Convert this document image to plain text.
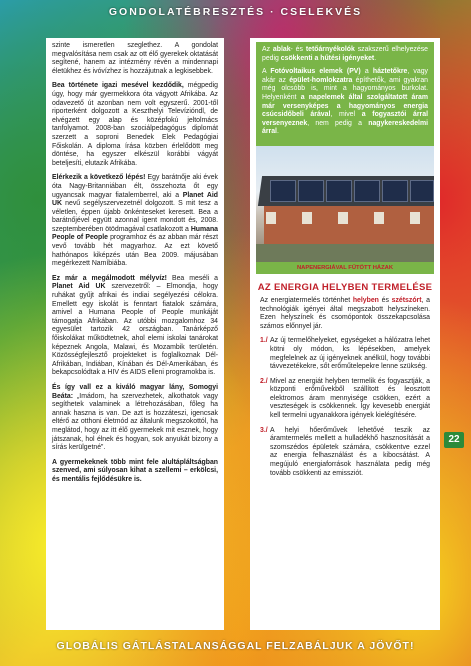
GONDOLATÉBRESZTÉS · CSELEKVÉS

szinte ismeretlen szeglethez. A gondolat megvalósítása nem csak az ott élő gyerekek oktatását segítené, hanem az intézmény révén a mindennapi életükhez és ivóvízhez is hozzájutnak a legkisebbek.

Bea története igazi mesével kezdődik, mégpedig úgy, hogy már gyermekkora óta vágyott Afrikába. Az odavezető út azonban nem volt egyszerű. 2001-től riporterként dolgozott a Keszthelyi Televízióndl, de elvégzett egy alap és középfokú jeltolmács tanfolyamot. 2008-ban szociálpedagógus diplomát szerzett a soproni Benedek Elek Pedagógiai Főiskolán. A diploma írása közben érlelődött meg döntése, ha egyszer elkészül korábbi vágyát beteljesíti, elutazik Afrikába.

Elérkezik a következő lépés! Egy barátnője aki évek óta Nagy-Britanniában élt, összehozta őt egy ugyancsak magyar fiatalemberrel, aki a Planet Aid UK nevű segélyszervezetnél dolgozott. S mit tesz a véletlen, éppen újabb önkénteseket keresett. Bea a barátnőjével együtt azonnal igent mondott és, 2008. szeptemberében ötödmagával csatlakozott a Humana People of People programhoz és az abban már részt vevő tovább hét magyarhoz. Az ezt követő hathónapos kiképzés után Bea 2009. májusában megérkezett Namíbiába.

Ez már a megálmodott mélyvíz! Bea meséli a Planet Aid UK szervezetről: – Elmondja, hogy ruhákat gyűjt afrikai és indiai segélyezési célokra. Emellett egy iskolát is fenntart fiatalok számára, amivel a Humana People of People munkáját támogatja Afrikában. Az utóbbi mozgalomhoz 34 egyesület tartozik 42 országban. Tanárképző főiskolákat működtetnek, ahol elemi iskolai tanárokat képeznek Angola, Malawi, és Mozambik területén. Közösségfejlesztő projekteket is foglalkoznak Dél-Afrikában, Indiában, Kínában és Dél-Amerikában, és bekapcsolódtak a HIV és AIDS elleni programokba is.

És így vall ez a kiváló magyar lány, Somogyi Beáta: „Imádom, ha szervezhetek, alkothatok vagy segíthetek valaminek a létrehozásában, főleg ha annak haszna is van. De azt is hozzáteszi, igencsak eltérő az otthoni életmód az általunk megszokottól, ha meglátod, hogy az itt élő gyermekek mit esznek, hogy játszanak, hol élnek és hogyan, sok anyukát bizony a sírás kerülgetné”.

A gyermekeknek több mint fele alultápláltságban szenved, ami súlyosan kihat a szellemi – erkölcsi, és mentális fejlődésükre is.

Az ablak- és tetőárnyékolók szakszerű elhelyezése pedig csökkenti a hűtési igényeket.

A Fotóvoltaikus elemek (PV) a háztetőkre, vagy akár az épület-homlokzatra építhetők, ami gyakran még olcsóbb is, mint a hagyományos burkolat. Helyenként a napelemek által szolgáltatott áram már versenyképes a hagyományos energia csúcsidőbeli árával, mivel a fogyasztói árral versenyeznek, nem pedig a nagykereskedelmi árral.

NAPENERGIÁVAL FŰTÖTT HÁZAK
AZ ENERGIA HELYBEN TERMELÉSE
Az energiatermelés történhet helyben és szétszórt, a technológiák igényei által megszabott helyszíneken. Ezen helyszínek és csomópontok összekapcsolása számos előnnyel jár.
1./ Az új termelőhelyeket, egységeket a hálózatra lehet kötni oly módon, ks lépésekben, amelyek megfelelnek az új igényeknek anélkül, hogy további távvezetékekre, sőt erőműtelepekre lenne szükség.
2./ Mivel az energiát helyben termelik és fogyasztják, a központi erőművekből szállított és leosztott elektromos áram mennyisége csökken, ezért a veszteségek is csökkennek. Így kevesebb energiát kell termelni ugyanakkora igények kielégítésére.
3./ A helyi hőerőművek lehetővé teszik az áramtermelés mellett a hulladékhő hasznosítását a szomszédos épületek számára, csökkentve ezzel az energia felhasználást és a kibocsátást. A megújuló energiaforrások használata pedig még tovább csökkenti az emissziót.
22
GLOBÁLIS GÁTLÁSTALANSÁGGAL FELZABÁLJUK A JÖVŐT!
